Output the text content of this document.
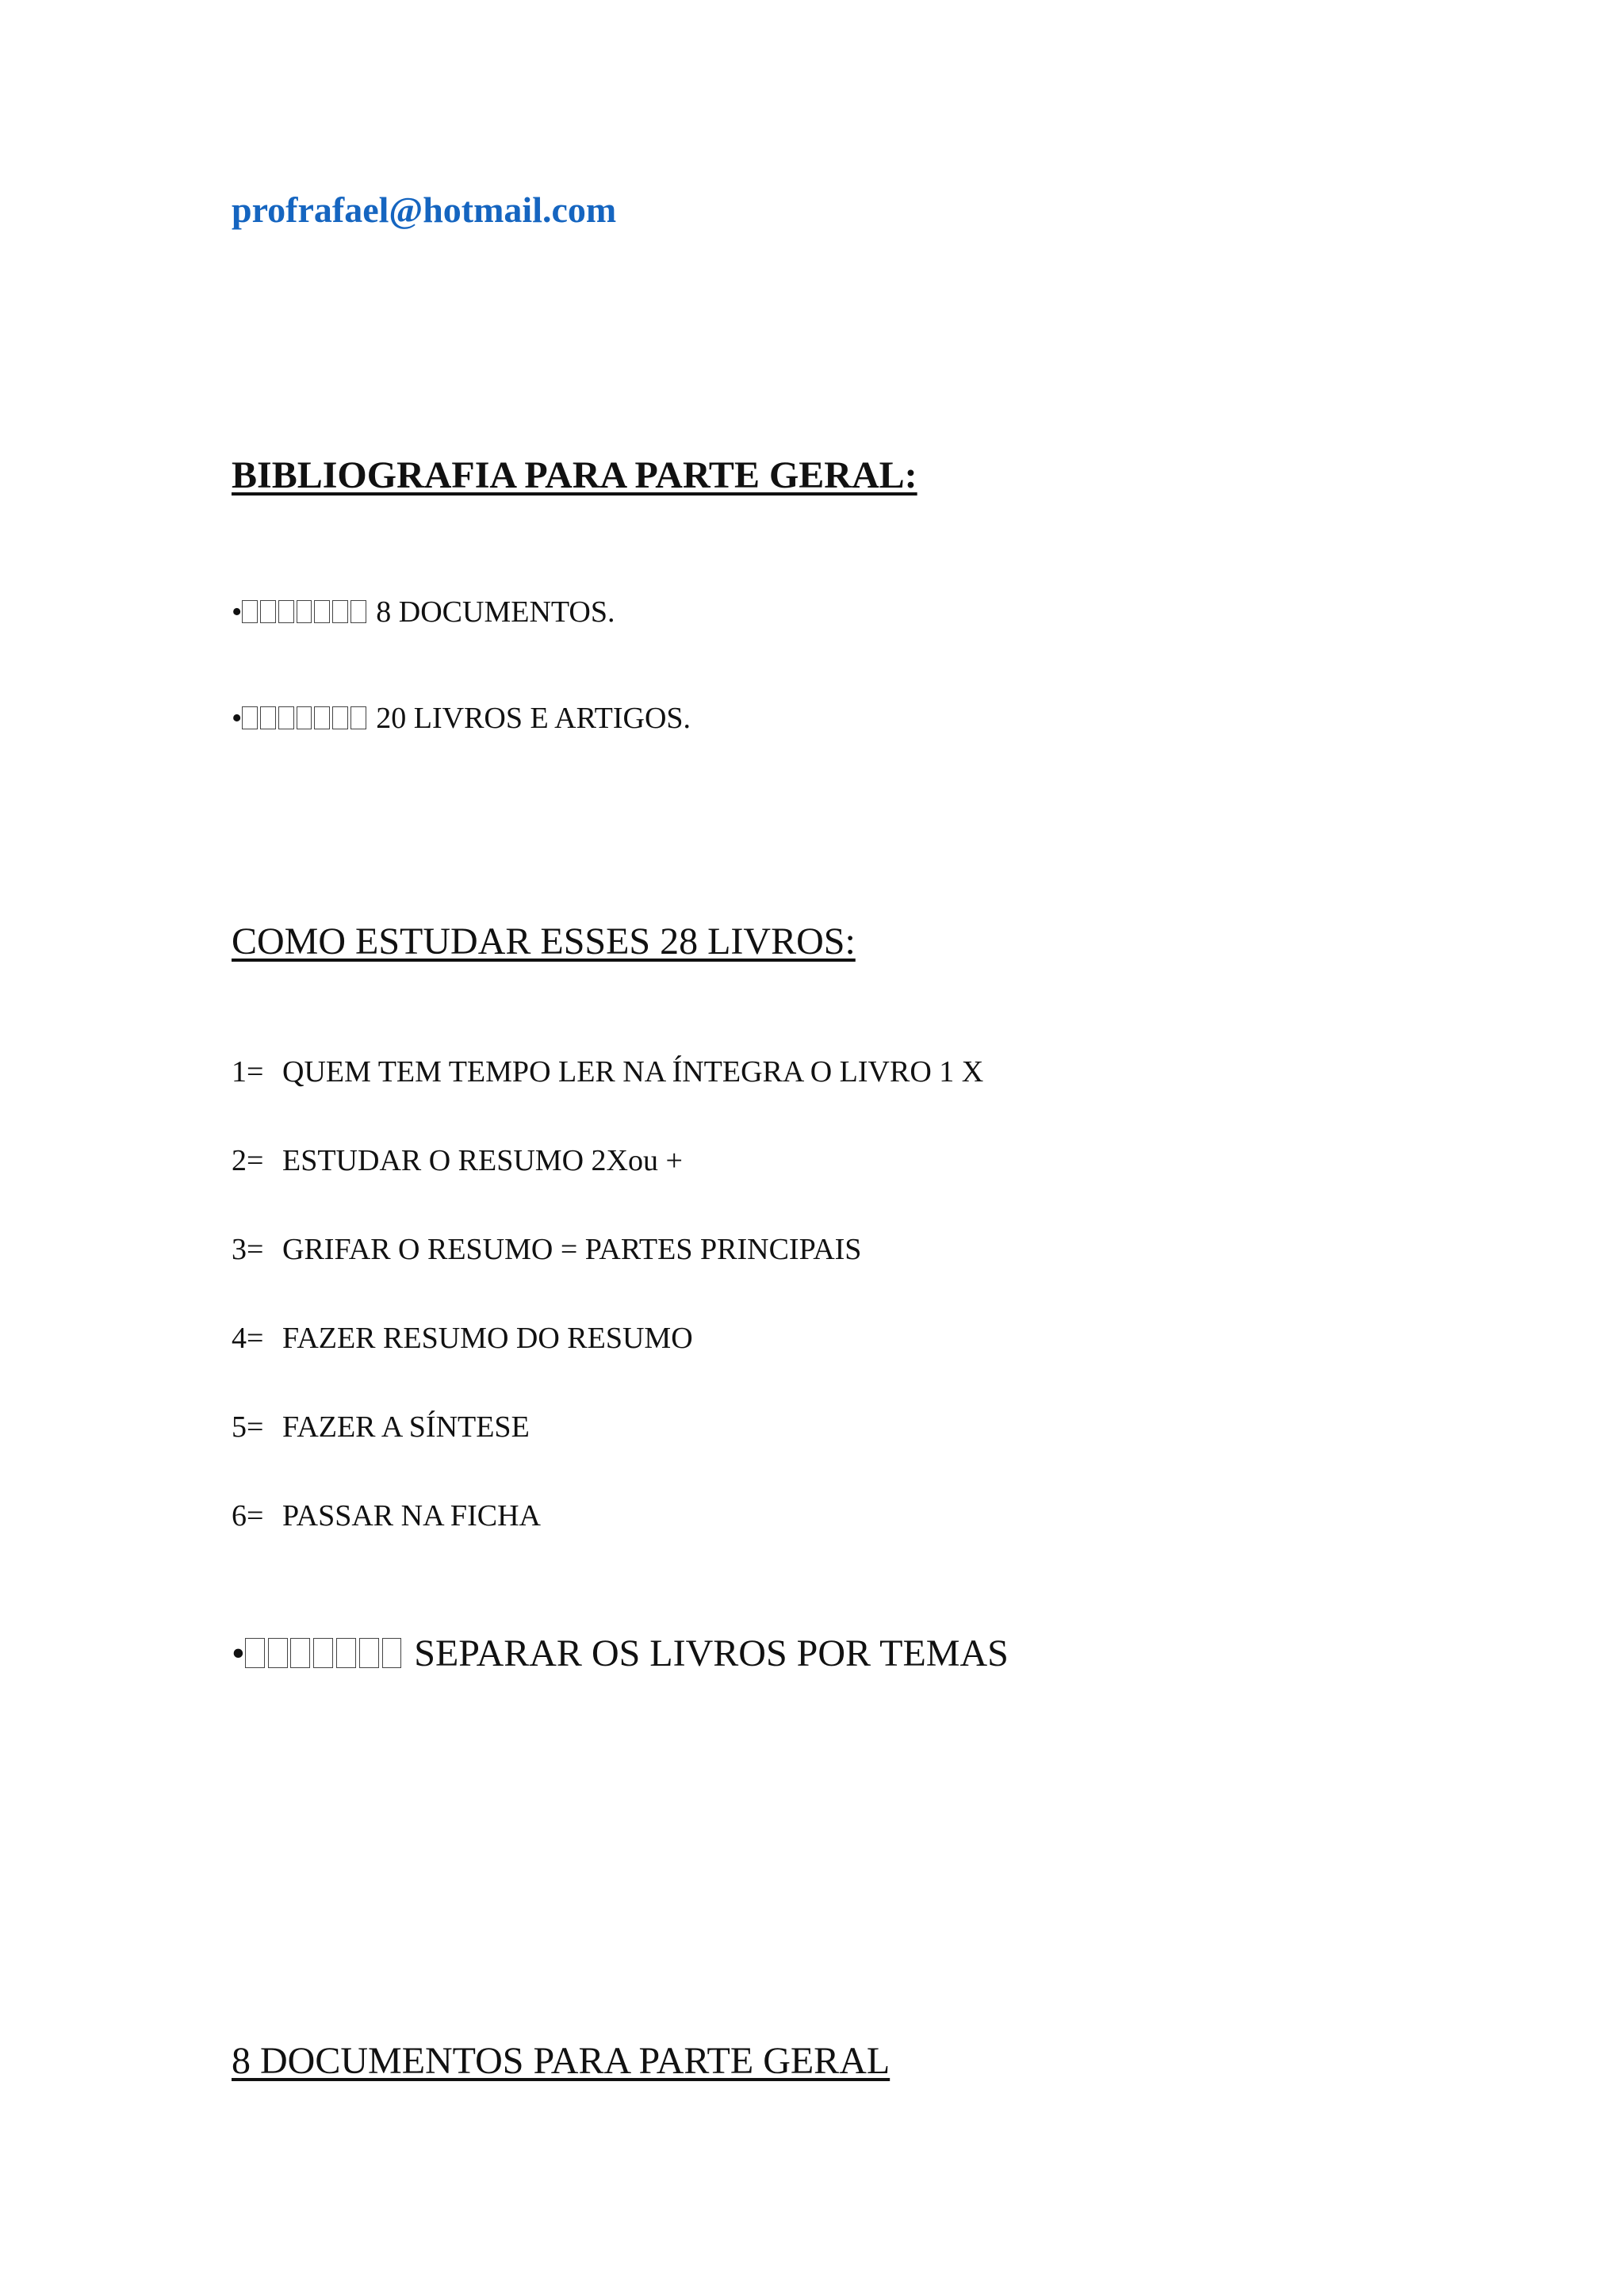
profrafael@hotmail.com
BIBLIOGRAFIA PARA PARTE GERAL:
•	8 DOCUMENTOS.
•	20 LIVROS E ARTIGOS.
COMO ESTUDAR ESSES 28 LIVROS:
1= QUEM TEM TEMPO LER NA ÍNTEGRA O LIVRO 1 X
2= ESTUDAR O RESUMO 2Xou +
3= GRIFAR O RESUMO = PARTES PRINCIPAIS
4= FAZER RESUMO DO RESUMO
5= FAZER A SÍNTESE
6= PASSAR NA FICHA
•	SEPARAR OS LIVROS POR TEMAS
8 DOCUMENTOS PARA PARTE GERAL
